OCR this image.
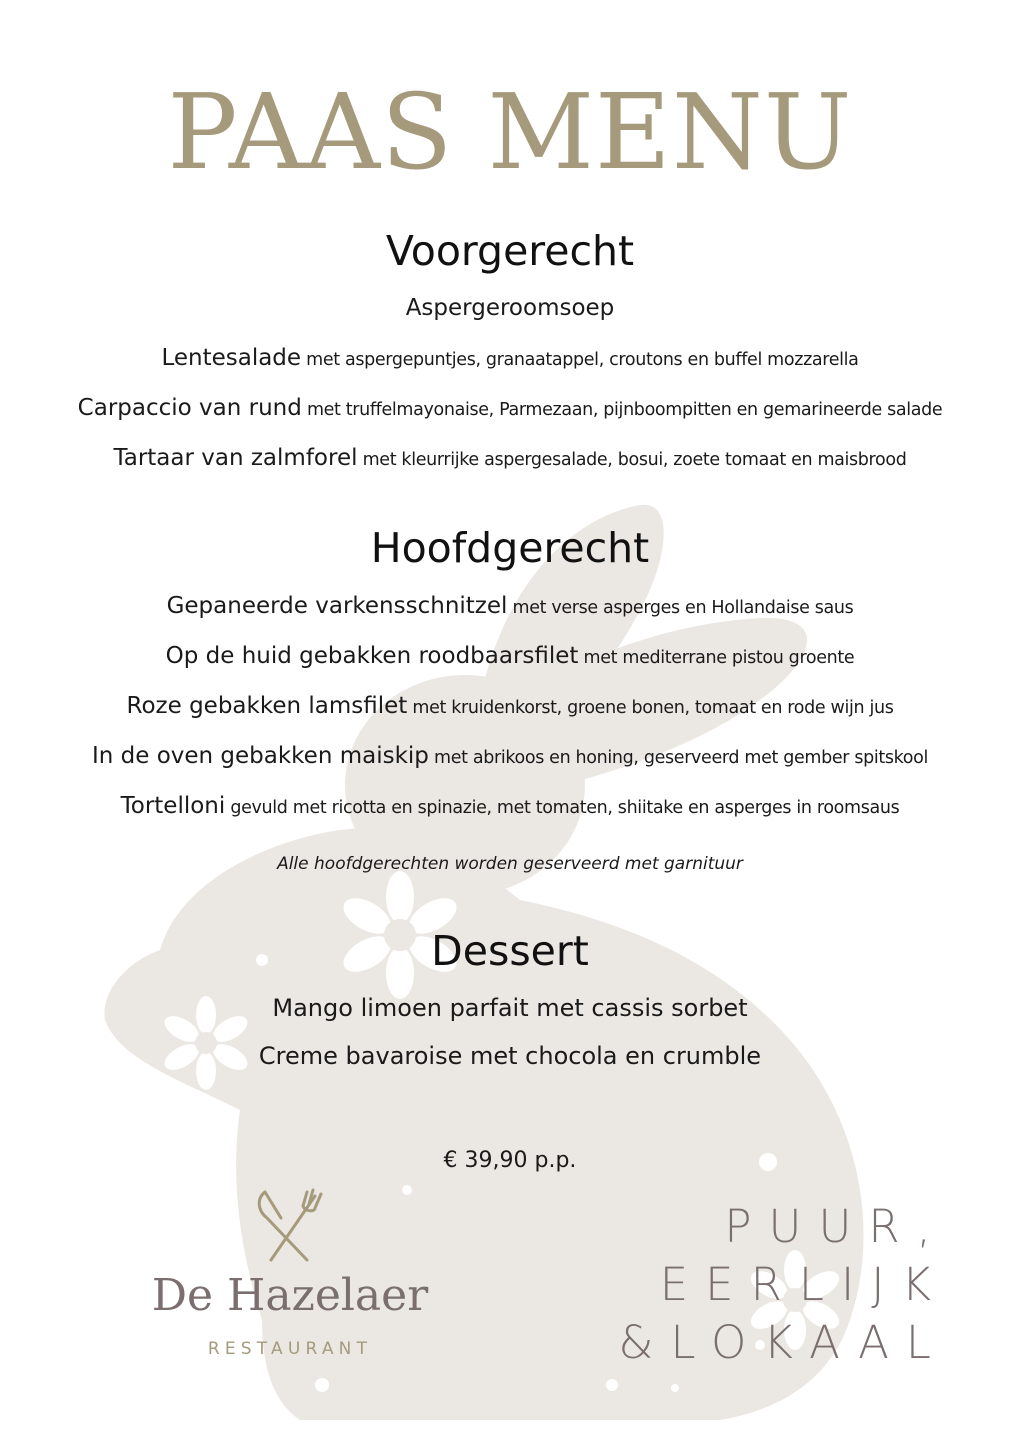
PAAS MENU
Voorgerecht
Aspergeroomsoep
Lentesalade met aspergepuntjes, granaatappel, croutons en buffel mozzarella
Carpaccio van rund met truffelmayonaise, Parmezaan, pijnboompitten en gemarineerde salade
Tartaar van zalmforel met kleurrijke aspergesalade, bosui, zoete tomaat en maisbrood
Hoofdgerecht
Gepaneerde varkensschnitzel met verse asperges en Hollandaise saus
Op de huid gebakken roodbaarsfilet met mediterrane pistou groente
Roze gebakken lamsfilet met kruidenkorst, groene bonen, tomaat en rode wijn jus
In de oven gebakken maiskip met abrikoos en honing, geserveerd met gember spitskool
Tortelloni gevuld met ricotta en spinazie, met tomaten, shiitake en asperges in roomsaus
Alle hoofdgerechten worden geserveerd met garnituur
Dessert
Mango limoen parfait met cassis sorbet
Creme bavaroise met chocola en crumble
€ 39,90 p.p.
De Hazelaer
RESTAURANT
PUUR,
EERLIJK
&LOKAAL
